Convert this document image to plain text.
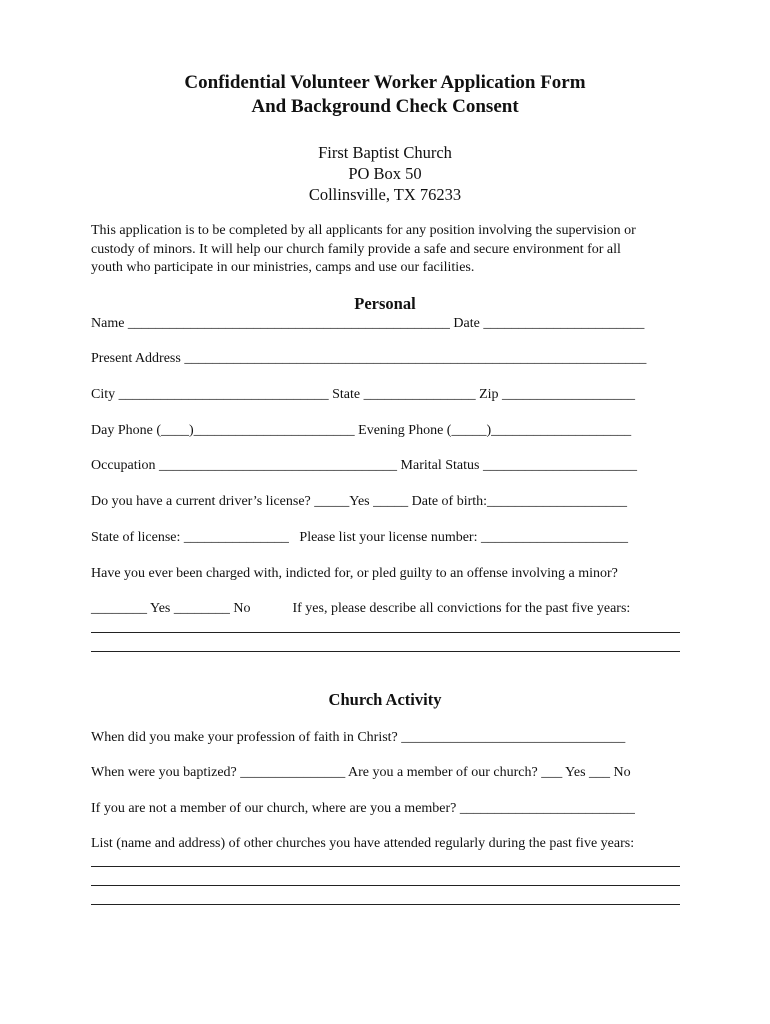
Confidential Volunteer Worker Application Form
And Background Check Consent
First Baptist Church
PO Box 50
Collinsville, TX 76233
This application is to be completed by all applicants for any position involving the supervision or
custody of minors. It will help our church family provide a safe and secure environment for all
youth who participate in our ministries, camps and use our facilities.
Personal
Name ______________________________________________ Date _______________________
Present Address __________________________________________________________________
City ______________________________ State ________________ Zip ___________________
Day Phone (____)_______________________ Evening Phone (_____)____________________
Occupation __________________________________ Marital Status ______________________
Do you have a current driver’s license? _____Yes _____ Date of birth:____________________
State of license: _______________   Please list your license number: _____________________
Have you ever been charged with, indicted for, or pled guilty to an offense involving a minor?
________ Yes ________ No            If yes, please describe all convictions for the past five years:
Church Activity
When did you make your profession of faith in Christ? ________________________________
When were you baptized? _______________ Are you a member of our church? ___ Yes ___ No
If you are not a member of our church, where are you a member? _________________________
List (name and address) of other churches you have attended regularly during the past five years:
